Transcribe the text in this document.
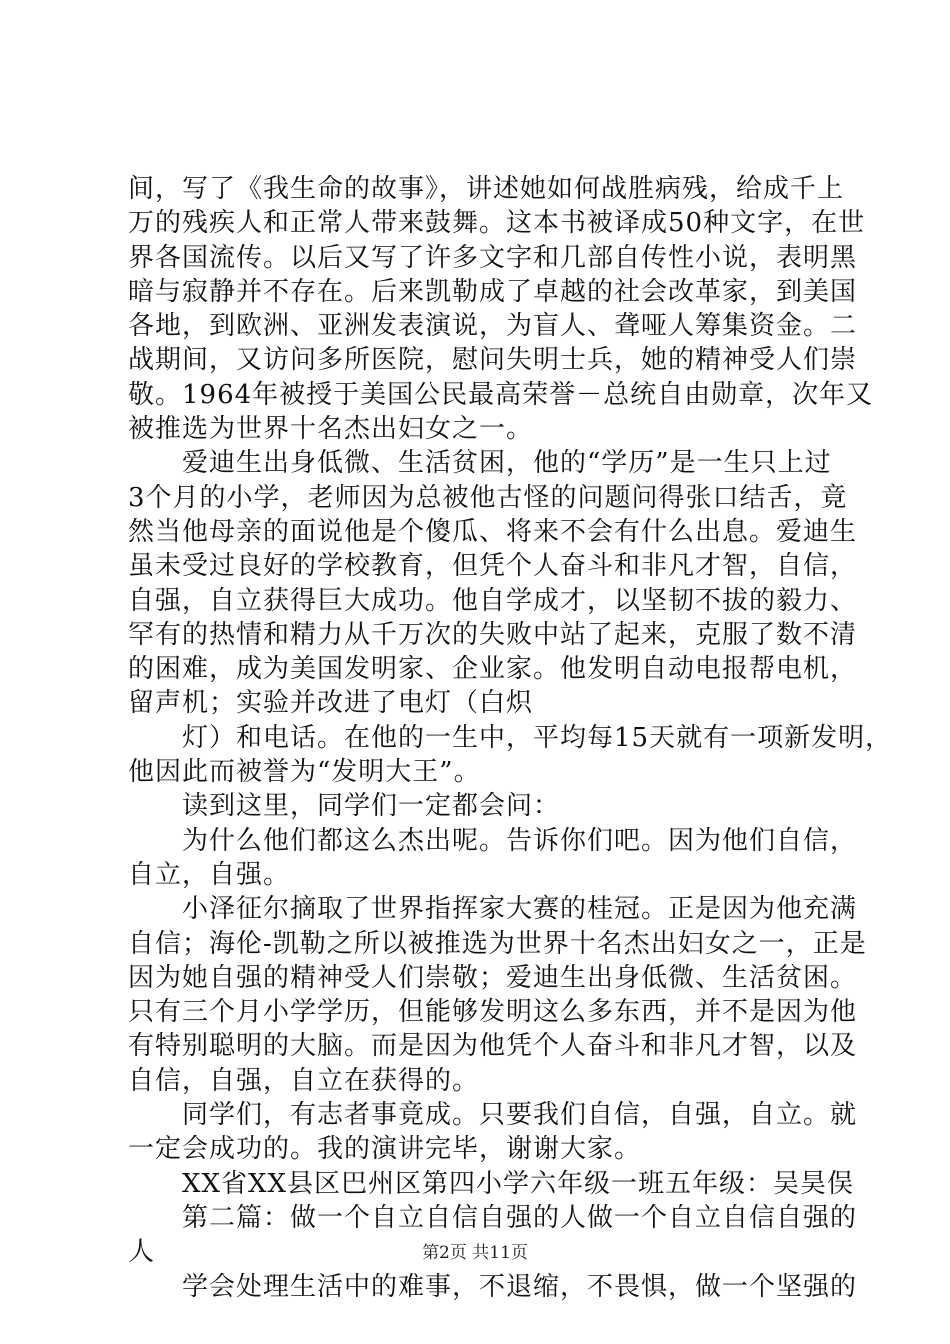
间，写了《我生命的故事》，讲述她如何战胜病残，给成千上
万的残疾人和正常人带来鼓舞。这本书被译成50种文字，在世
界各国流传。以后又写了许多文字和几部自传性小说，表明黑
暗与寂静并不存在。后来凯勒成了卓越的社会改革家，到美国
各地，到欧洲、亚洲发表演说，为盲人、聋哑人筹集资金。二
战期间，又访问多所医院，慰问失明士兵，她的精神受人们崇
敬。1964年被授于美国公民最高荣誉－总统自由勋章，次年又
被推选为世界十名杰出妇女之一。
爱迪生出身低微、生活贫困，他的“学历”是一生只上过
3个月的小学，老师因为总被他古怪的问题问得张口结舌，竟
然当他母亲的面说他是个傻瓜、将来不会有什么出息。爱迪生
虽未受过良好的学校教育，但凭个人奋斗和非凡才智，自信，
自强，自立获得巨大成功。他自学成才，以坚韧不拔的毅力、
罕有的热情和精力从千万次的失败中站了起来，克服了数不清
的困难，成为美国发明家、企业家。他发明自动电报帮电机，
留声机；实验并改进了电灯（白炽
灯）和电话。在他的一生中，平均每15天就有一项新发明，
他因此而被誉为“发明大王”。
读到这里，同学们一定都会问：
为什么他们都这么杰出呢。告诉你们吧。因为他们自信，
自立，自强。
小泽征尔摘取了世界指挥家大赛的桂冠。正是因为他充满
自信；海伦-凯勒之所以被推选为世界十名杰出妇女之一，正是
因为她自强的精神受人们崇敬；爱迪生出身低微、生活贫困。
只有三个月小学学历，但能够发明这么多东西，并不是因为他
有特别聪明的大脑。而是因为他凭个人奋斗和非凡才智，以及
自信，自强，自立在获得的。
同学们，有志者事竟成。只要我们自信，自强，自立。就
一定会成功的。我的演讲完毕，谢谢大家。
XX省XX县区巴州区第四小学六年级一班五年级：吴昊俣
第二篇：做一个自立自信自强的人做一个自立自信自强的
人
学会处理生活中的难事，不退缩，不畏惧，做一个坚强的
第2页 共11页
